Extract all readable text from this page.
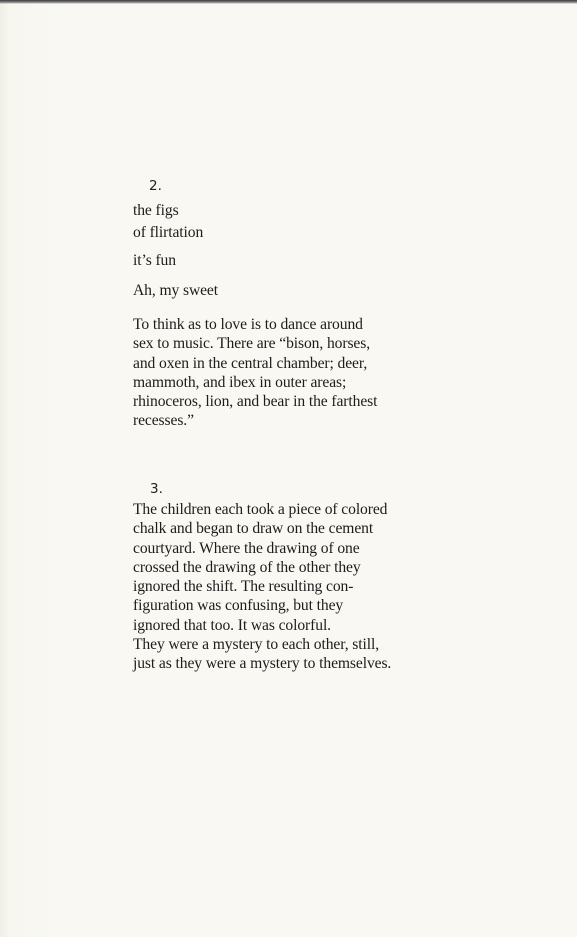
2.
the figs
of flirtation
it’s fun
Ah, my sweet
To think as to love is to dance around
sex to music. There are “bison, horses,
and oxen in the central chamber; deer,
mammoth, and ibex in outer areas;
rhinoceros, lion, and bear in the farthest
recesses.”
3.
The children each took a piece of colored
chalk and began to draw on the cement
courtyard. Where the drawing of one
crossed the drawing of the other they
ignored the shift. The resulting con-
figuration was confusing, but they
ignored that too. It was colorful.
They were a mystery to each other, still,
just as they were a mystery to themselves.
